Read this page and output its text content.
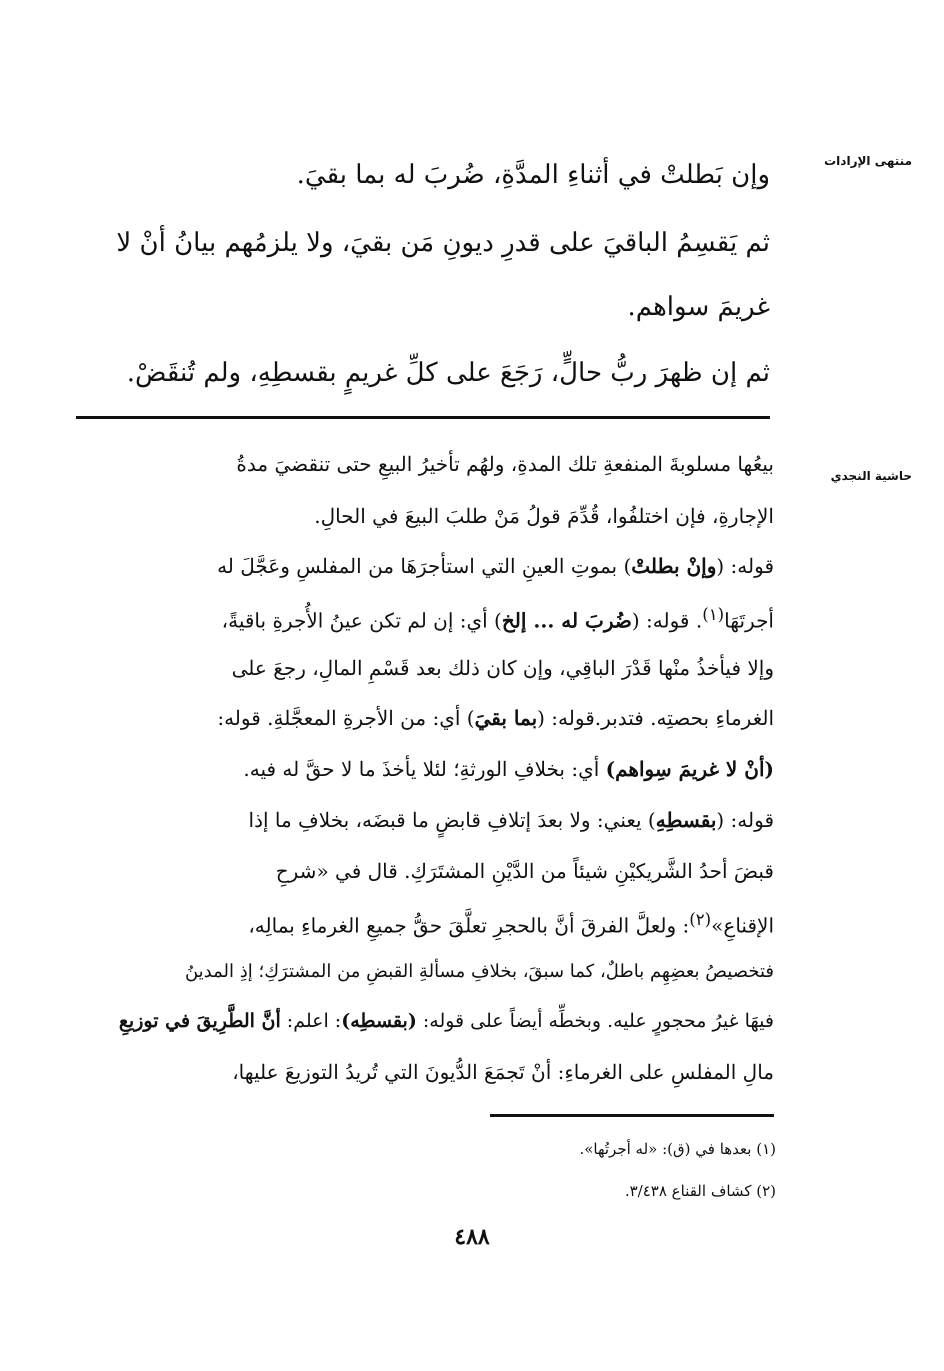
منتهى الإرادات
حاشية النجدي

وإن بَطلتْ في أثناءِ المدَّةِ، ضُربَ له بما بقيَ.

ثم يَقسِمُ الباقيَ على قدرِ ديونِ مَن بقيَ، ولا يلزمُهم بيانُ أنْ لا

غريمَ سواهم.

ثم إن ظهرَ ربُّ حالٍّ، رَجَعَ على كلِّ غريمٍ بقسطِهِ، ولم تُنقَضْ.

بيعُها مسلوبةَ المنفعةِ تلك المدةِ، ولهُم تأخيرُ البيعِ حتى تنقضيَ مدةُ
الإجارةِ، فإن اختلفُوا، قُدِّمَ قولُ مَنْ طلبَ البيعَ في الحالِ.
قوله: (وإنْ بطلتْ) بموتِ العينِ التي استأجرَهَا من المفلسِ وعَجَّلَ له
أجرتَهَا$^{(١)}$. قوله: (ضُربَ له ... إلخ) أي: إن لم تكن عينُ الأُجرةِ باقيةً،
وإلا فيأخذُ منْها قَدْرَ الباقِي، وإن كان ذلك بعد قَسْمِ المالِ، رجعَ على
الغرماءِ بحصتِه. فتدبر.قوله: (بما بقيَ) أي: من الأجرةِ المعجَّلةِ. قوله:
(أنْ لا غريمَ سِواهم) أي: بخلافِ الورثةِ؛ لئلا يأخذَ ما لا حقَّ له فيه.
قوله: (بقسطِهِ) يعني: ولا بعدَ إتلافِ قابضٍ ما قبضَه، بخلافِ ما إذا
قبضَ أحدُ الشَّريكيْنِ شيئاً من الدَّيْنِ المشتَرَكِ. قال في «شرحِ
الإقناعِ»$^{(٢)}$: ولعلَّ الفرقَ أنَّ بالحجرِ تعلَّقَ حقُّ جميعِ الغرماءِ بمالِه،
فتخصيصُ بعضِهِم باطلٌ، كما سبقَ، بخلافِ مسألةِ القبضِ من المشترَكِ؛ إذِ المدينُ
فيهَا غيرُ محجورٍ عليه. وبخطِّه أيضاً على قوله: (بقسطِه): اعلم: أنَّ الطَّرِيقَ في توزيعِ
مالِ المفلسِ على الغرماءِ: أنْ تَجمَعَ الدُّيونَ التي تُريدُ التوزيعَ عليها،
(١) بعدها في (ق): «له أجرتُها».
(٢) كشاف القناع ٣/٤٣٨.
٤٨٨
